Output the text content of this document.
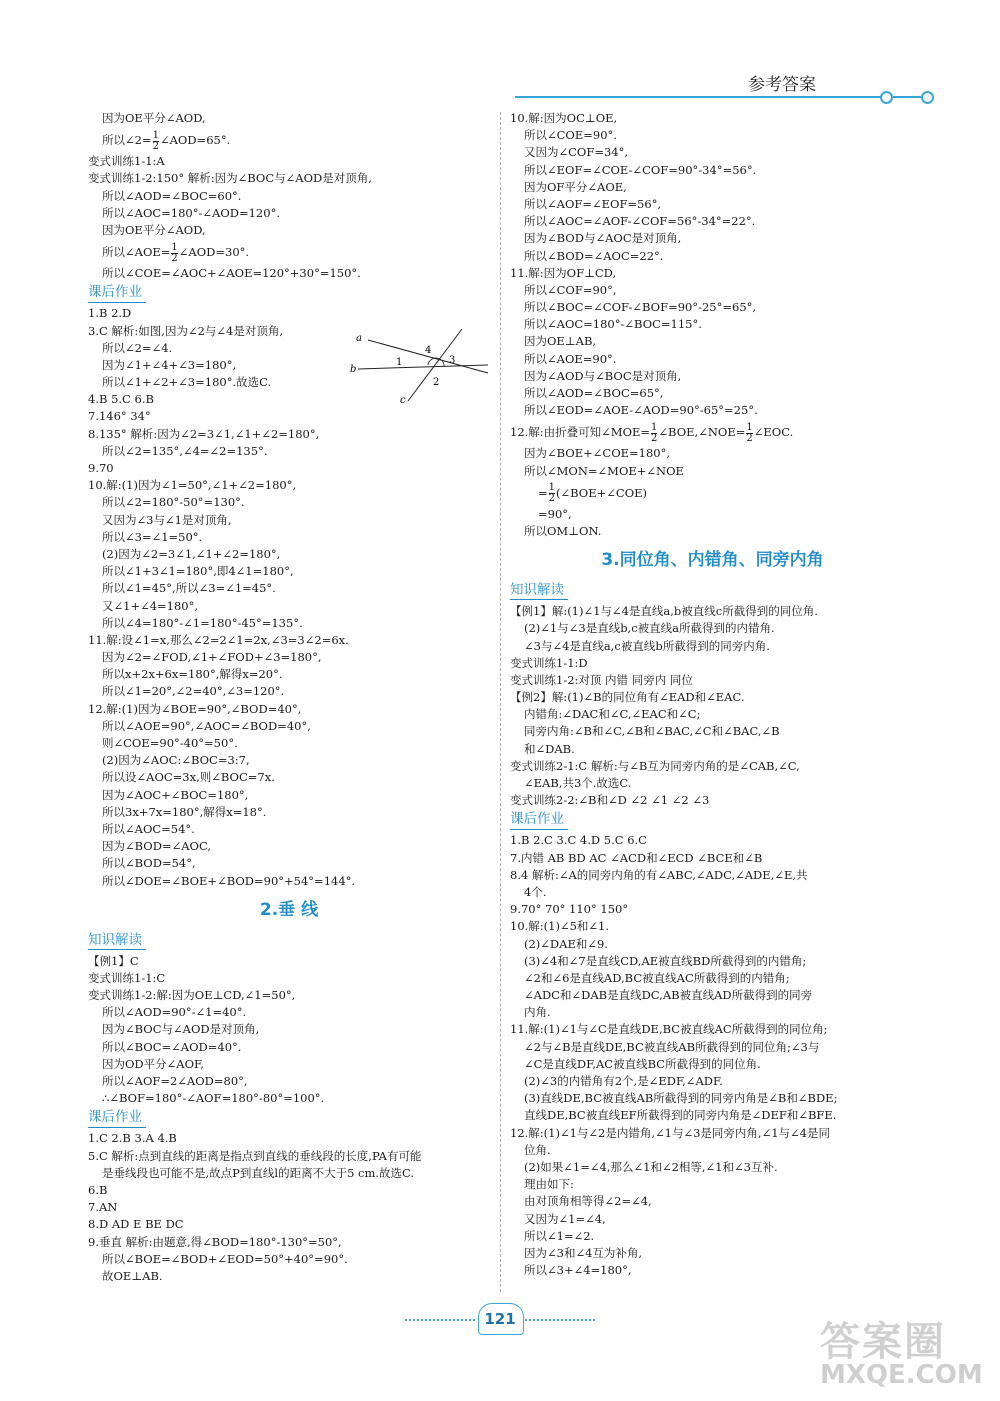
参考答案
因为OE平分∠AOD,
所以∠2= $\frac{1}{2}$ ∠AOD=65°.
变式训练1-1:A
变式训练1-2:150° 解析:因为∠BOC与∠AOD是对顶角,
所以∠AOD=∠BOC=60°.
所以∠AOC=180°-∠AOD=120°.
因为OE平分∠AOD,
所以∠AOE= $\frac{1}{2}$ ∠AOD=30°.
所以∠COE=∠AOC+∠AOE=120°+30°=150°.
课后作业
1.B 2.D
3.C 解析:如图,因为∠2与∠4是对顶角,
所以∠2=∠4.
因为∠1+∠4+∠3=180°,
所以∠1+∠2+∠3=180°.故选C.
4.B 5.C 6.B
7.146° 34°
8.135° 解析:因为∠2=3∠1,∠1+∠2=180°,
所以∠2=135°,∠4=∠2=135°.
9.70
10.解:(1)因为∠1=50°,∠1+∠2=180°,
所以∠2=180°-50°=130°.
又因为∠3与∠1是对顶角,
所以∠3=∠1=50°.
(2)因为∠2=3∠1,∠1+∠2=180°,
所以∠1+3∠1=180°,即4∠1=180°,
所以∠1=45°,所以∠3=∠1=45°.
又∠1+∠4=180°,
所以∠4=180°-∠1=180°-45°=135°.
11.解:设∠1=x,那么∠2=2∠1=2x,∠3=3∠2=6x.
因为∠2=∠FOD,∠1+∠FOD+∠3=180°,
所以x+2x+6x=180°,解得x=20°.
所以∠1=20°,∠2=40°,∠3=120°.
12.解:(1)因为∠BOE=90°,∠BOD=40°,
所以∠AOE=90°,∠AOC=∠BOD=40°,
则∠COE=90°-40°=50°.
(2)因为∠AOC:∠BOC=3:7,
所以设∠AOC=3x,则∠BOC=7x.
因为∠AOC+∠BOC=180°,
所以3x+7x=180°,解得x=18°.
所以∠AOC=54°.
因为∠BOD=∠AOC,
所以∠BOD=54°,
所以∠DOE=∠BOE+∠BOD=90°+54°=144°.
2.垂 线
知识解读
【例1】C
变式训练1-1:C
变式训练1-2:解:因为OE⊥CD,∠1=50°,
所以∠AOD=90°-∠1=40°.
因为∠BOC与∠AOD是对顶角,
所以∠BOC=∠AOD=40°.
因为OD平分∠AOF,
所以∠AOF=2∠AOD=80°,
∴∠BOF=180°-∠AOF=180°-80°=100°.
课后作业
1.C 2.B 3.A 4.B
5.C 解析:点到直线的距离是指点到直线的垂线段的长度,PA有可能
是垂线段也可能不是,故点P到直线l的距离不大于5 cm.故选C.
6.B
7.AN
8.D AD E BE DC
9.垂直 解析:由题意,得∠BOD=180°-130°=50°,
所以∠BOE=∠BOD+∠EOD=50°+40°=90°.
故OE⊥AB.
10.解:因为OC⊥OE,
所以∠COE=90°.
又因为∠COF=34°,
所以∠EOF=∠COE-∠COF=90°-34°=56°.
因为OF平分∠AOE,
所以∠AOF=∠EOF=56°,
所以∠AOC=∠AOF-∠COF=56°-34°=22°.
因为∠BOD与∠AOC是对顶角,
所以∠BOD=∠AOC=22°.
11.解:因为OF⊥CD,
所以∠COF=90°,
所以∠BOC=∠COF-∠BOF=90°-25°=65°,
所以∠AOC=180°-∠BOC=115°.
因为OE⊥AB,
所以∠AOE=90°.
因为∠AOD与∠BOC是对顶角,
所以∠AOD=∠BOC=65°,
所以∠EOD=∠AOE-∠AOD=90°-65°=25°.
12.解:由折叠可知∠MOE= $\frac{1}{2}$ ∠BOE,∠NOE= $\frac{1}{2}$ ∠EOC.
因为∠BOE+∠COE=180°,
所以∠MON=∠MOE+∠NOE
= $\frac{1}{2}$ (∠BOE+∠COE)
=90°,
所以OM⊥ON.
3.同位角、内错角、同旁内角
知识解读
【例1】解:(1)∠1与∠4是直线a,b被直线c所截得到的同位角.
(2)∠1与∠3是直线b,c被直线a所截得到的内错角.
∠3与∠4是直线a,c被直线b所截得到的同旁内角.
变式训练1-1:D
变式训练1-2:对顶 内错 同旁内 同位
【例2】解:(1)∠B的同位角有∠EAD和∠EAC.
内错角:∠DAC和∠C,∠EAC和∠C;
同旁内角:∠B和∠C,∠B和∠BAC,∠C和∠BAC,∠B
和∠DAB.
变式训练2-1:C 解析:与∠B互为同旁内角的是∠CAB,∠C,
∠EAB,共3个.故选C.
变式训练2-2:∠B和∠D ∠2 ∠1 ∠2 ∠3
课后作业
1.B 2.C 3.C 4.D 5.C 6.C
7.内错 AB BD AC ∠ACD和∠ECD ∠BCE和∠B
8.4 解析:∠A的同旁内角的有∠ABC,∠ADC,∠ADE,∠E,共
4个.
9.70° 70° 110° 150°
10.解:(1)∠5和∠1.
(2)∠DAE和∠9.
(3)∠4和∠7是直线CD,AE被直线BD所截得到的内错角;
∠2和∠6是直线AD,BC被直线AC所截得到的内错角;
∠ADC和∠DAB是直线DC,AB被直线AD所截得到的同旁
内角.
11.解:(1)∠1与∠C是直线DE,BC被直线AC所截得到的同位角;
∠2与∠B是直线DE,BC被直线AB所截得到的同位角;∠3与
∠C是直线DF,AC被直线BC所截得到的同位角.
(2)∠3的内错角有2个,是∠EDF,∠ADF.
(3)直线DE,BC被直线AB所截得到的同旁内角是∠B和∠BDE;
直线DE,BC被直线EF所截得到的同旁内角是∠DEF和∠BFE.
12.解:(1)∠1与∠2是内错角,∠1与∠3是同旁内角,∠1与∠4是同
位角.
(2)如果∠1=∠4,那么∠1和∠2相等,∠1和∠3互补.
理由如下:
由对顶角相等得∠2=∠4,
又因为∠1=∠4,
所以∠1=∠2.
因为∠3和∠4互为补角,
所以∠3+∠4=180°,
a
b
c
1
4
3
2
121	答案圈
MXQE.COM
